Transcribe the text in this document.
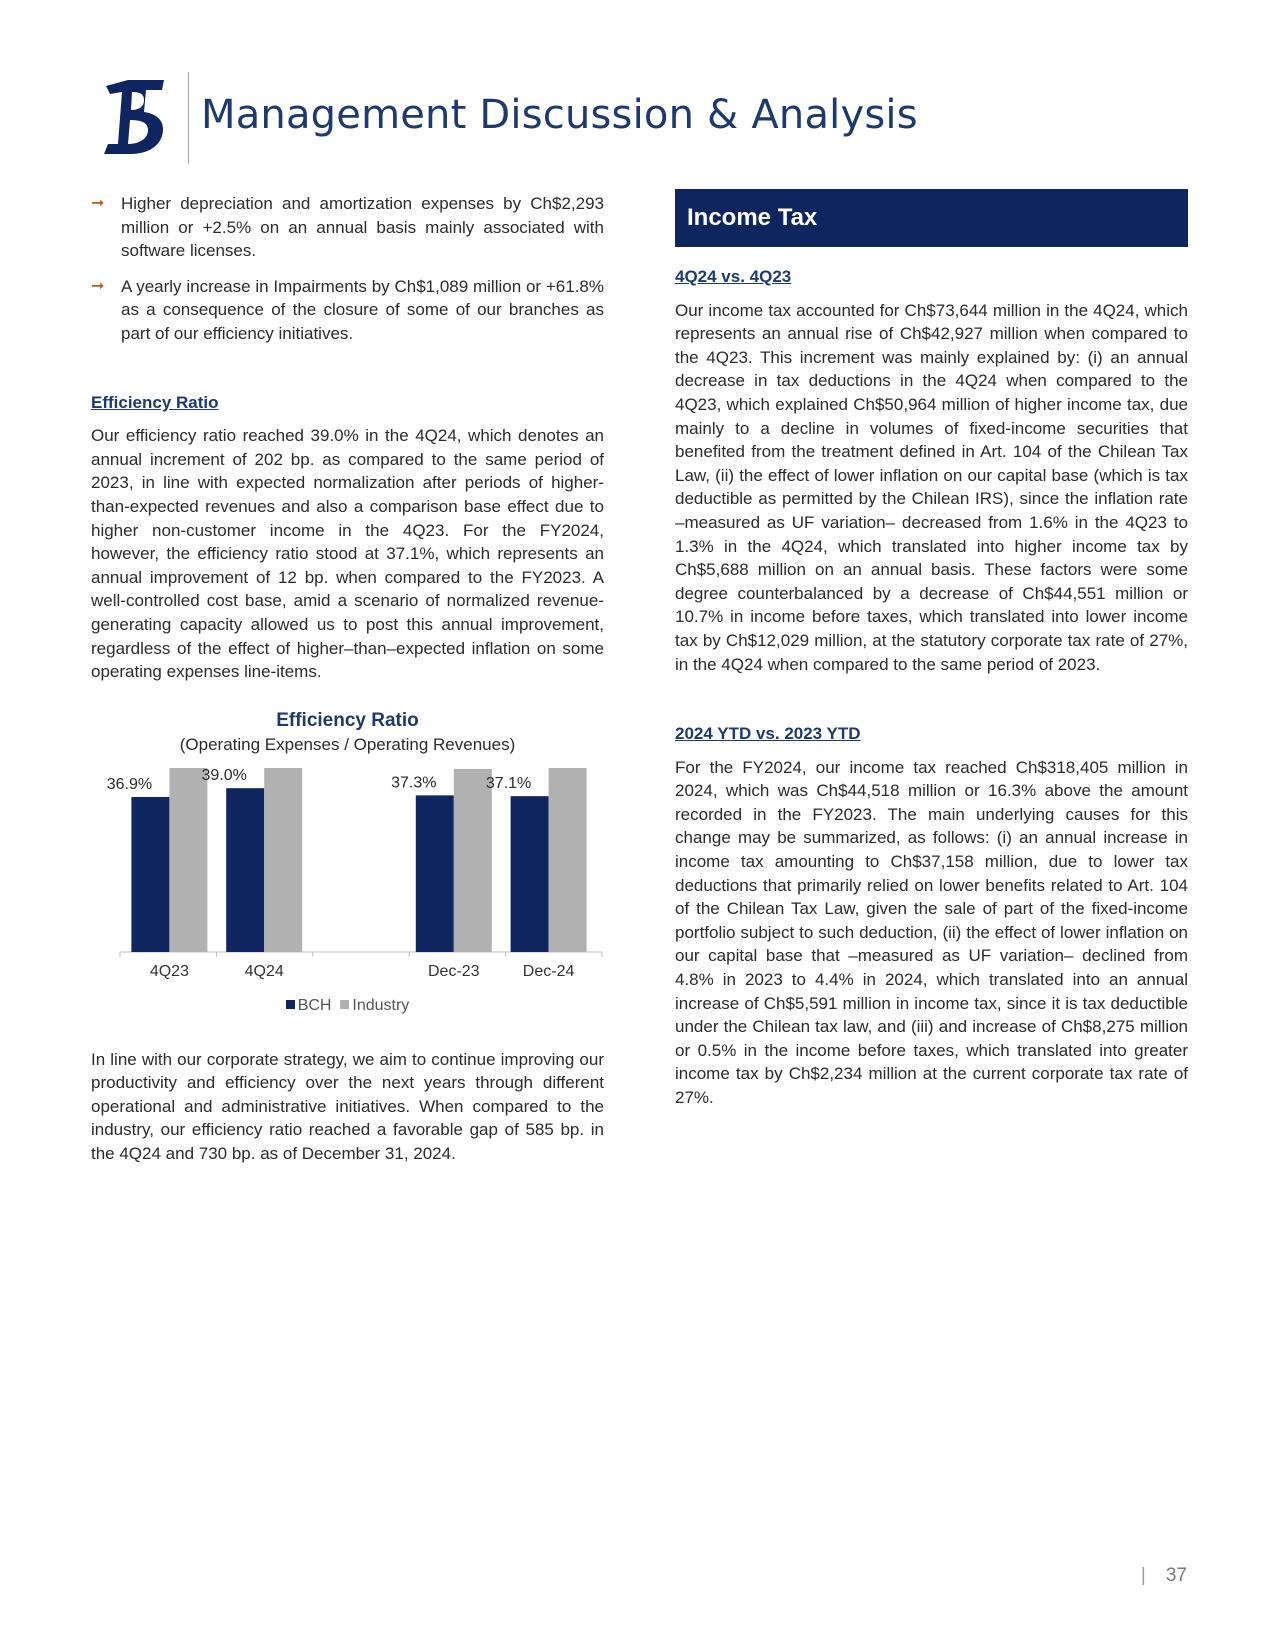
Management Discussion & Analysis
➞ Higher depreciation and amortization expenses by Ch$2,293 million or +2.5% on an annual basis mainly associated with software licenses.
➞ A yearly increase in Impairments by Ch$1,089 million or +61.8% as a consequence of the closure of some of our branches as part of our efficiency initiatives.
Efficiency Ratio

Our efficiency ratio reached 39.0% in the 4Q24, which denotes an annual increment of 202 bp. as compared to the same period of 2023, in line with expected normalization after periods of higher-than-expected revenues and also a comparison base effect due to higher non-customer income in the 4Q23. For the FY2024, however, the efficiency ratio stood at 37.1%, which represents an annual improvement of 12 bp. when compared to the FY2023. A well-controlled cost base, amid a scenario of normalized revenue-generating capacity allowed us to post this annual improvement, regardless of the effect of higher–than–expected inflation on some operating expenses line-items.

Efficiency Ratio
(Operating Expenses / Operating Revenues)
36.9%
4Q23
39.0%
4Q24
37.3%
Dec-23
37.1%
Dec-24
BCH Industry

In line with our corporate strategy, we aim to continue improving our productivity and efficiency over the next years through different operational and administrative initiatives. When compared to the industry, our efficiency ratio reached a favorable gap of 585 bp. in the 4Q24 and 730 bp. as of December 31, 2024.

Income Tax
4Q24 vs. 4Q23

Our income tax accounted for Ch$73,644 million in the 4Q24, which represents an annual rise of Ch$42,927 million when compared to the 4Q23. This increment was mainly explained by: (i) an annual decrease in tax deductions in the 4Q24 when compared to the 4Q23, which explained Ch$50,964 million of higher income tax, due mainly to a decline in volumes of fixed-income securities that benefited from the treatment defined in Art. 104 of the Chilean Tax Law, (ii) the effect of lower inflation on our capital base (which is tax deductible as permitted by the Chilean IRS), since the inflation rate –measured as UF variation– decreased from 1.6% in the 4Q23 to 1.3% in the 4Q24, which translated into higher income tax by Ch$5,688 million on an annual basis. These factors were some degree counterbalanced by a decrease of Ch$44,551 million or 10.7% in income before taxes, which translated into lower income tax by Ch$12,029 million, at the statutory corporate tax rate of 27%, in the 4Q24 when compared to the same period of 2023.

2024 YTD vs. 2023 YTD

For the FY2024, our income tax reached Ch$318,405 million in 2024, which was Ch$44,518 million or 16.3% above the amount recorded in the FY2023. The main underlying causes for this change may be summarized, as follows: (i) an annual increase in income tax amounting to Ch$37,158 million, due to lower tax deductions that primarily relied on lower benefits related to Art. 104 of the Chilean Tax Law, given the sale of part of the fixed-income portfolio subject to such deduction, (ii) the effect of lower inflation on our capital base that –measured as UF variation– declined from 4.8% in 2023 to 4.4% in 2024, which translated into an annual increase of Ch$5,591 million in income tax, since it is tax deductible under the Chilean tax law, and (iii) and increase of Ch$8,275 million or 0.5% in the income before taxes, which translated into greater income tax by Ch$2,234 million at the current corporate tax rate of 27%.

| 37
